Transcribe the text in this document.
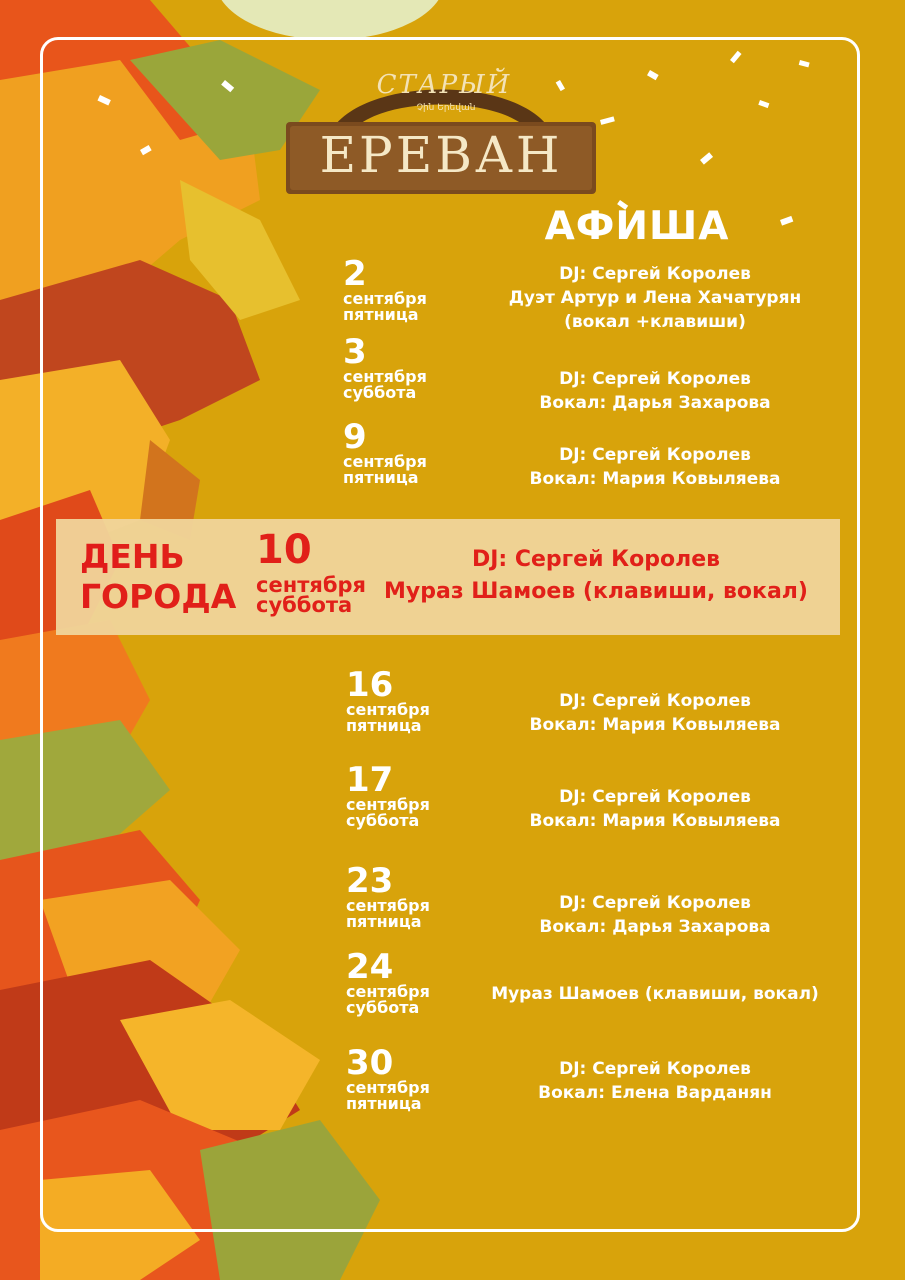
СТАРЫЙ
Չին Երեվան
ЕРЕВАН
АФИША
2
сентября
пятница
DJ: Сергей Королев
Дуэт Артур и Лена Хачатурян
(вокал +клавиши)
3
сентября
суббота
DJ: Сергей Королев
Вокал: Дарья Захарова
9
сентября
пятница
DJ: Сергей Королев
Вокал: Мария Ковыляева
16
сентября
пятница
DJ: Сергей Королев
Вокал: Мария Ковыляева
17
сентября
суббота
DJ: Сергей Королев
Вокал: Мария Ковыляева
23
сентября
пятница
DJ: Сергей Королев
Вокал: Дарья Захарова
24
сентября
суббота
Мураз Шамоев (клавиши, вокал)
30
сентября
пятница
DJ: Сергей Королев
Вокал: Елена Варданян
ДЕНЬ
ГОРОДА
10
сентября
суббота
DJ: Сергей Королев
Мураз Шамоев (клавиши, вокал)
